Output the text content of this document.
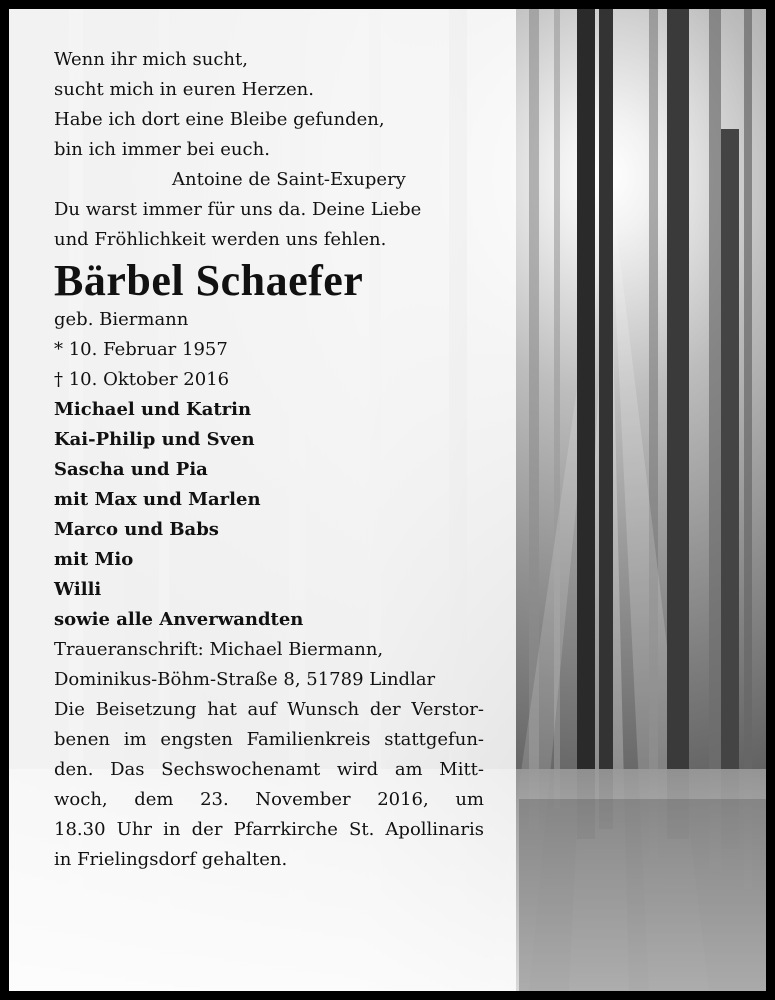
Wenn ihr mich sucht,
sucht mich in euren Herzen.
Habe ich dort eine Bleibe gefunden,
bin ich immer bei euch.
Antoine de Saint-Exupery

Du warst immer für uns da. Deine Liebe
und Fröhlichkeit werden uns fehlen.

Bärbel Schaefer

geb. Biermann

* 10. Februar 1957
† 10. Oktober 2016

Michael und Katrin
Kai-Philip und Sven
Sascha und Pia
mit Max und Marlen
Marco und Babs
mit Mio
Willi
sowie alle Anverwandten

Traueranschrift: Michael Biermann,
Dominikus-Böhm-Straße 8, 51789 Lindlar

Die Beisetzung hat auf Wunsch der Verstor-
benen im engsten Familienkreis stattgefun-
den. Das Sechswochenamt wird am Mitt-
woch, dem 23. November 2016, um
18.30 Uhr in der Pfarrkirche St. Apollinaris
in Frielingsdorf gehalten.
